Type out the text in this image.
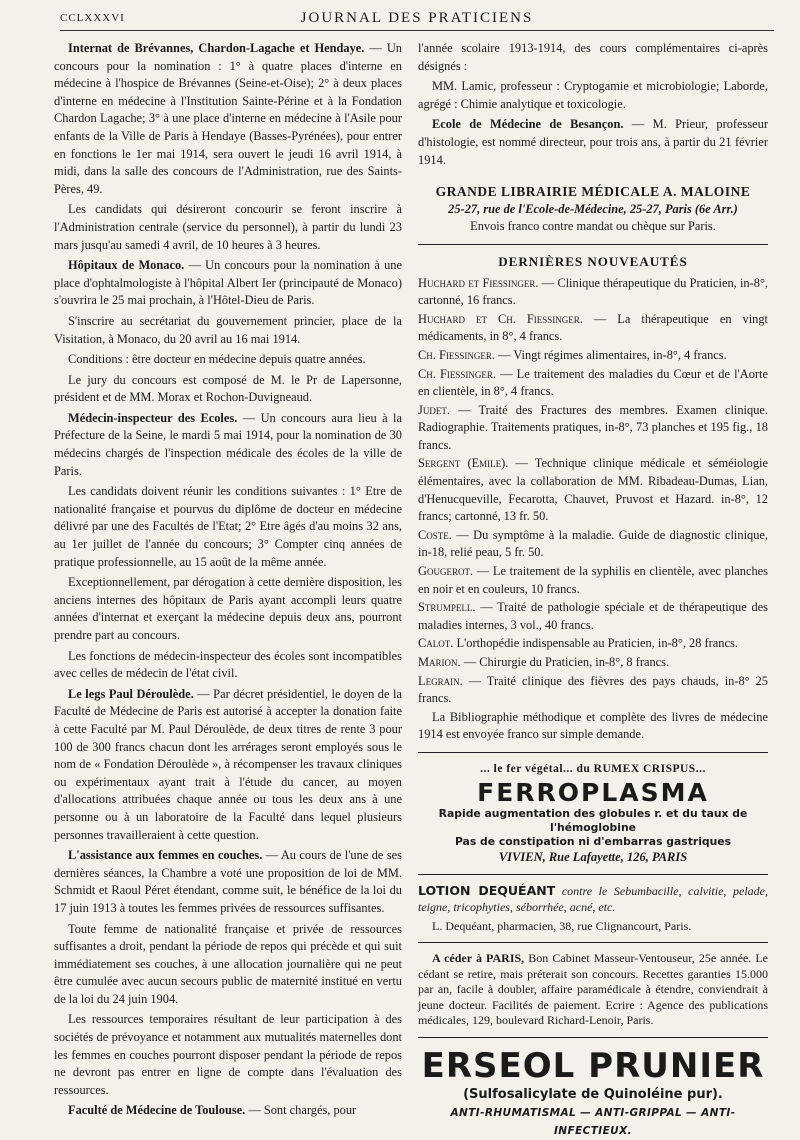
CCLXXXVI	JOURNAL DES PRATICIENS

Internat de Brévannes, Chardon-Lagache et Hendaye. — Un concours pour la nomination : 1° à quatre places d'interne en médecine à l'hospice de Brévannes (Seine-et-Oise); 2° à deux places d'interne en médecine à l'Institution Sainte-Périne et à la Fondation Chardon Lagache; 3° à une place d'interne en médecine à l'Asile pour enfants de la Ville de Paris à Hendaye (Basses-Pyrénées), pour entrer en fonctions le 1er mai 1914, sera ouvert le jeudi 16 avril 1914, à midi, dans la salle des concours de l'Administration, rue des Saints-Pères, 49.

Les candidats qui désireront concourir se feront inscrire à l'Administration centrale (service du personnel), à partir du lundi 23 mars jusqu'au samedi 4 avril, de 10 heures à 3 heures.

Hôpitaux de Monaco. — Un concours pour la nomination à une place d'ophtalmologiste à l'hôpital Albert Ier (principauté de Monaco) s'ouvrira le 25 mai prochain, à l'Hôtel-Dieu de Paris.

S'inscrire au secrétariat du gouvernement princier, place de la Visitation, à Monaco, du 20 avril au 16 mai 1914.

Conditions : être docteur en médecine depuis quatre années.

Le jury du concours est composé de M. le Pr de Lapersonne, président et de MM. Morax et Rochon-Duvigneaud.

Médecin-inspecteur des Ecoles. — Un concours aura lieu à la Préfecture de la Seine, le mardi 5 mai 1914, pour la nomination de 30 médecins chargés de l'inspection médicale des écoles de la ville de Paris.

Les candidats doivent réunir les conditions suivantes : 1° Etre de nationalité française et pourvus du diplôme de docteur en médecine délivré par une des Facultés de l'Etat; 2° Etre âgés d'au moins 32 ans, au 1er juillet de l'année du concours; 3° Compter cinq années de pratique professionnelle, au 15 août de la même année.

Exceptionnellement, par dérogation à cette dernière disposition, les anciens internes des hôpitaux de Paris ayant accompli leurs quatre années d'internat et exerçant la médecine depuis deux ans, pourront prendre part au concours.

Les fonctions de médecin-inspecteur des écoles sont incompatibles avec celles de médecin de l'état civil.

Le legs Paul Déroulède. — Par décret présidentiel, le doyen de la Faculté de Médecine de Paris est autorisé à accepter la donation faite à cette Faculté par M. Paul Déroulède, de deux titres de rente 3 pour 100 de 300 francs chacun dont les arrérages seront employés sous le nom de « Fondation Déroulède », à récompenser les travaux cliniques ou expérimentaux ayant trait à l'étude du cancer, au moyen d'allocations attribuées chaque année ou tous les deux ans à une personne ou à un laboratoire de la Faculté dans lequel plusieurs personnes travailleraient à cette question.

L'assistance aux femmes en couches. — Au cours de l'une de ses dernières séances, la Chambre a voté une proposition de loi de MM. Schmidt et Raoul Péret étendant, comme suit, le bénéfice de la loi du 17 juin 1913 à toutes les femmes privées de ressources suffisantes.

Toute femme de nationalité française et privée de ressources suffisantes a droit, pendant la période de repos qui précède et qui suit immédiatement ses couches, à une allocation journalière qui ne peut être cumulée avec aucun secours public de maternité institué en vertu de la loi du 24 juin 1904.

Les ressources temporaires résultant de leur participation à des sociétés de prévoyance et notamment aux mutualités maternelles dont les femmes en couches pourront disposer pendant la période de repos ne devront pas entrer en ligne de compte dans l'évaluation des ressources.

Faculté de Médecine de Toulouse. — Sont chargés, pour

l'année scolaire 1913-1914, des cours complémentaires ci-après désignés :

MM. Lamic, professeur : Cryptogamie et microbiologie; Laborde, agrégé : Chimie analytique et toxicologie.

Ecole de Médecine de Besançon. — M. Prieur, professeur d'histologie, est nommé directeur, pour trois ans, à partir du 21 février 1914.

GRANDE LIBRAIRIE MÉDICALE A. MALOINE
25-27, rue de l'Ecole-de-Médecine, 25-27, Paris (6e Arr.)
Envois franco contre mandat ou chèque sur Paris.
DERNIÈRES NOUVEAUTÉS

Huchard et Fiessinger. — Clinique thérapeutique du Praticien, in-8°, cartonné, 16 francs.

Huchard et Ch. Fiessinger. — La thérapeutique en vingt médicaments, in 8°, 4 francs.

Ch. Fiessinger. — Vingt régimes alimentaires, in-8°, 4 francs.

Ch. Fiessinger. — Le traitement des maladies du Cœur et de l'Aorte en clientèle, in 8°, 4 francs.

Judet. — Traité des Fractures des membres. Examen clinique. Radiographie. Traitements pratiques, in-8°, 73 planches et 195 fig., 18 francs.

Sergent (Emile). — Technique clinique médicale et séméiologie élémentaires, avec la collaboration de MM. Ribadeau-Dumas, Lian, d'Henucqueville, Fecarotta, Chauvet, Pruvost et Hazard. in-8°, 12 francs; cartonné, 13 fr. 50.

Coste. — Du symptôme à la maladie. Guide de diagnostic clinique, in-18, relié peau, 5 fr. 50.

Gougerot. — Le traitement de la syphilis en clientèle, avec planches en noir et en couleurs, 10 francs.

Strumpell. — Traité de pathologie spéciale et de thérapeutique des maladies internes, 3 vol., 40 francs.

Calot. L'orthopédie indispensable au Praticien, in-8°, 28 francs.

Marion. — Chirurgie du Praticien, in-8°, 8 francs.

Legrain. — Traité clinique des fièvres des pays chauds, in-8° 25 francs.

La Bibliographie méthodique et complète des livres de médecine 1914 est envoyée franco sur simple demande.

... le fer végétal... du RUMEX CRISPUS...
FERROPLASMA
Rapide augmentation des globules r. et du taux de l'hémoglobine
Pas de constipation ni d'embarras gastriques
VIVIEN, Rue Lafayette, 126, PARIS

LOTION DEQUÉANT contre le Sebumbacille, calvitie, pelade, teigne, tricophyties, séborrhée, acné, etc.

L. Dequéant, pharmacien, 38, rue Clignancourt, Paris.

A céder à PARIS, Bon Cabinet Masseur-Ventouseur, 25e année. Le cédant se retire, mais préterait son concours. Recettes garanties 15.000 par an, facile à doubler, affaire paramédicale à étendre, conviendrait à jeune docteur. Facilités de paiement. Ecrire : Agence des publications médicales, 129, boulevard Richard-Lenoir, Paris.

ERSEOL PRUNIER
(Sulfosalicylate de Quinoléine pur).
ANTI-RHUMATISMAL — ANTI-GRIPPAL — ANTI-INFECTIEUX.
